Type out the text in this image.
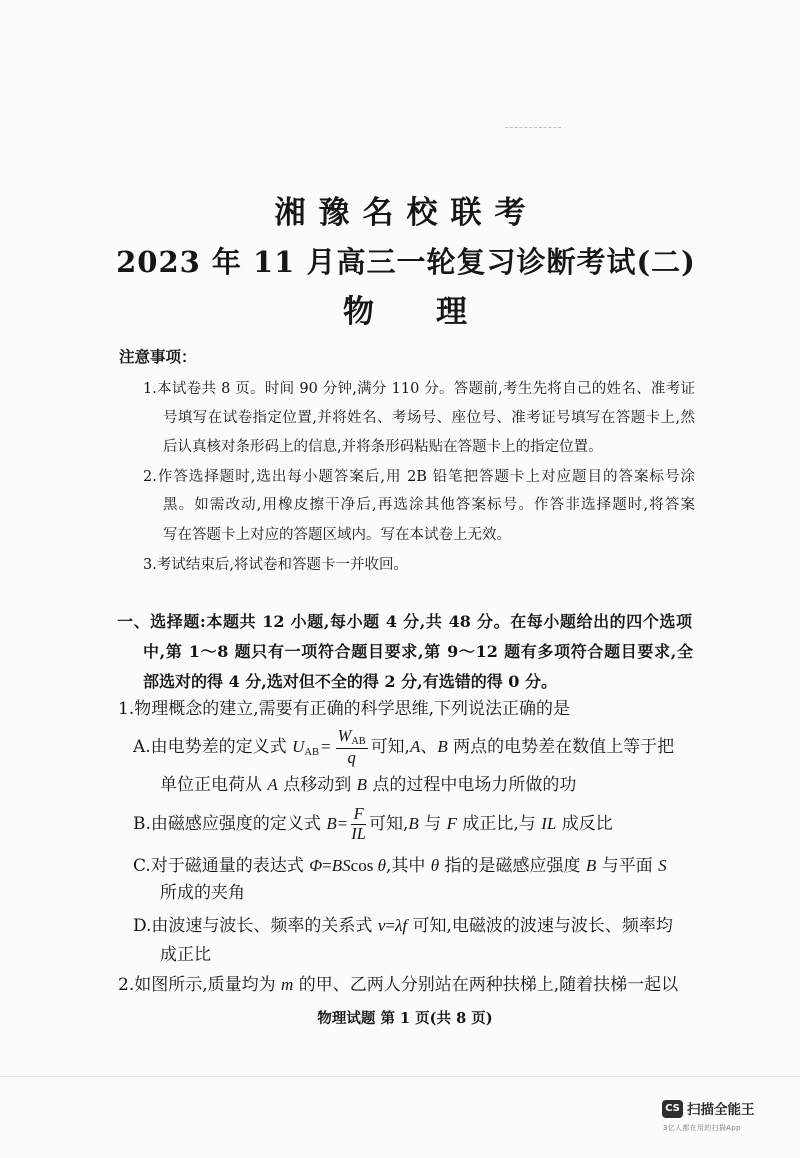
湘豫名校联考
2023 年 11 月高三一轮复习诊断考试(二)
物　　理
注意事项：
1.本试卷共 8 页。时间 90 分钟,满分 110 分。答题前,考生先将自己的姓名、准考证
号填写在试卷指定位置,并将姓名、考场号、座位号、准考证号填写在答题卡上,然
后认真核对条形码上的信息,并将条形码粘贴在答题卡上的指定位置。
2.作答选择题时,选出每小题答案后,用 2B 铅笔把答题卡上对应题目的答案标号涂
黑。如需改动,用橡皮擦干净后,再选涂其他答案标号。作答非选择题时,将答案
写在答题卡上对应的答题区域内。写在本试卷上无效。
3.考试结束后,将试卷和答题卡一并收回。
一、选择题:本题共 12 小题,每小题 4 分,共 48 分。在每小题给出的四个选项
中,第 1～8 题只有一项符合题目要求,第 9～12 题有多项符合题目要求,全
部选对的得 4 分,选对但不全的得 2 分,有选错的得 0 分。
1.物理概念的建立,需要有正确的科学思维,下列说法正确的是
A.由电势差的定义式 $U_{AB} = \frac{W_{AB}}{q}$ 可知,A、B 两点的电势差在数值上等于把
单位正电荷从 A 点移动到 B 点的过程中电场力所做的功
B.由磁感应强度的定义式 $B= \frac{F}{IL}$ 可知,B 与 F 成正比,与 IL 成反比
C.对于磁通量的表达式 Φ=BScos θ,其中 θ 指的是磁感应强度 B 与平面 S
所成的夹角
D.由波速与波长、频率的关系式 v=λf 可知,电磁波的波速与波长、频率均
成正比
2.如图所示,质量均为 m 的甲、乙两人分别站在两种扶梯上,随着扶梯一起以
物理试题 第 1 页(共 8 页)
CS 扫描全能王
3亿人都在用的扫描App
